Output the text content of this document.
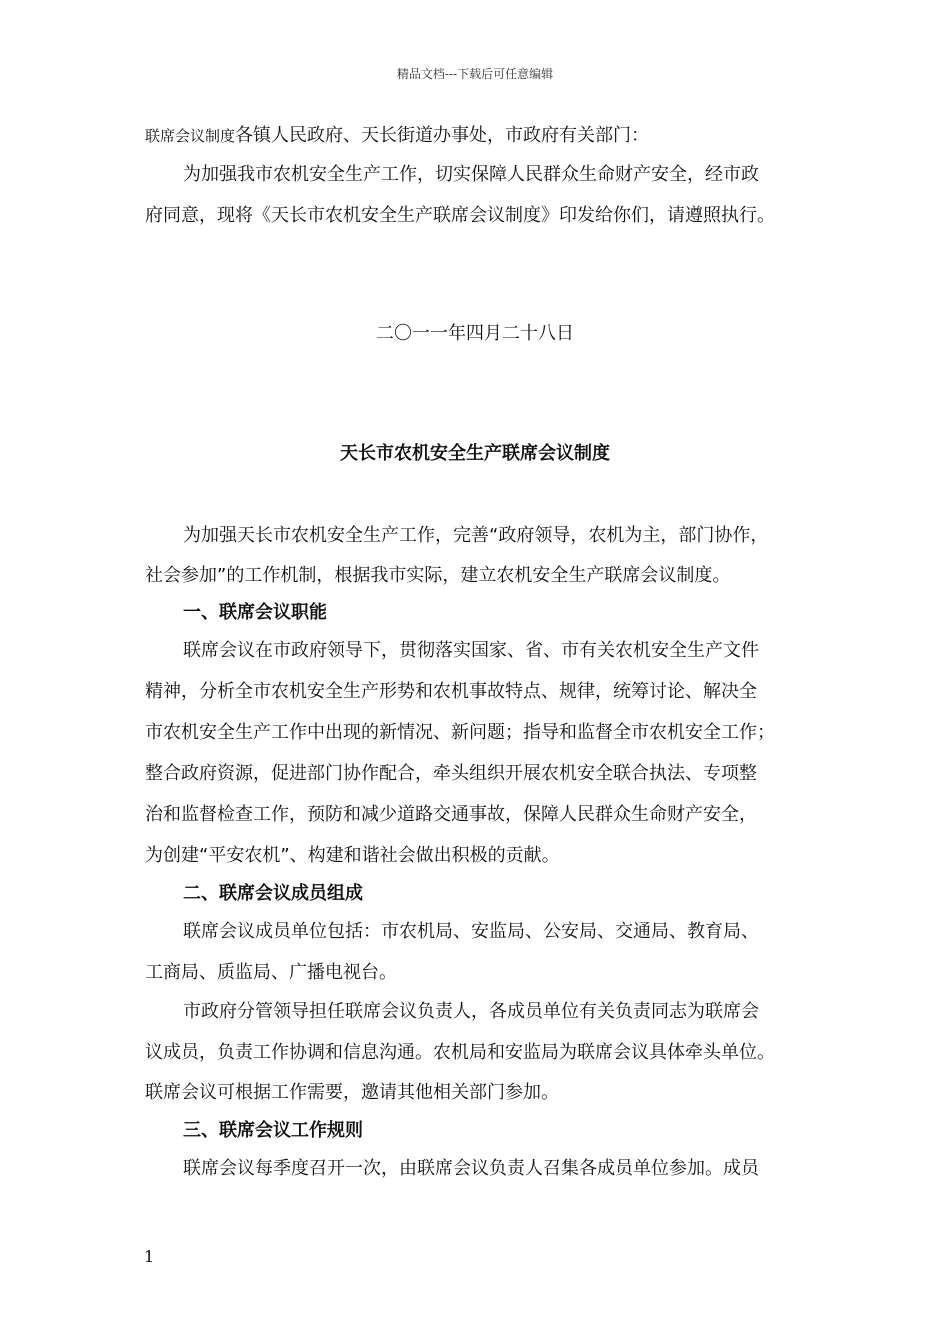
精品文档---下载后可任意编辑
联席会议制度各镇人民政府、天长街道办事处，市政府有关部门：
为加强我市农机安全生产工作，切实保障人民群众生命财产安全，经市政
府同意，现将《天长市农机安全生产联席会议制度》印发给你们，请遵照执行。
二〇一一年四月二十八日
天长市农机安全生产联席会议制度
为加强天长市农机安全生产工作，完善“政府领导，农机为主，部门协作，
社会参加”的工作机制，根据我市实际，建立农机安全生产联席会议制度。
一、联席会议职能
联席会议在市政府领导下，贯彻落实国家、省、市有关农机安全生产文件
精神，分析全市农机安全生产形势和农机事故特点、规律，统筹讨论、解决全
市农机安全生产工作中出现的新情况、新问题；指导和监督全市农机安全工作；
整合政府资源，促进部门协作配合，牵头组织开展农机安全联合执法、专项整
治和监督检查工作，预防和减少道路交通事故，保障人民群众生命财产安全，
为创建“平安农机”、构建和谐社会做出积极的贡献。
二、联席会议成员组成
联席会议成员单位包括：市农机局、安监局、公安局、交通局、教育局、
工商局、质监局、广播电视台。
市政府分管领导担任联席会议负责人，各成员单位有关负责同志为联席会
议成员，负责工作协调和信息沟通。农机局和安监局为联席会议具体牵头单位。
联席会议可根据工作需要，邀请其他相关部门参加。
三、联席会议工作规则
联席会议每季度召开一次，由联席会议负责人召集各成员单位参加。成员
1
